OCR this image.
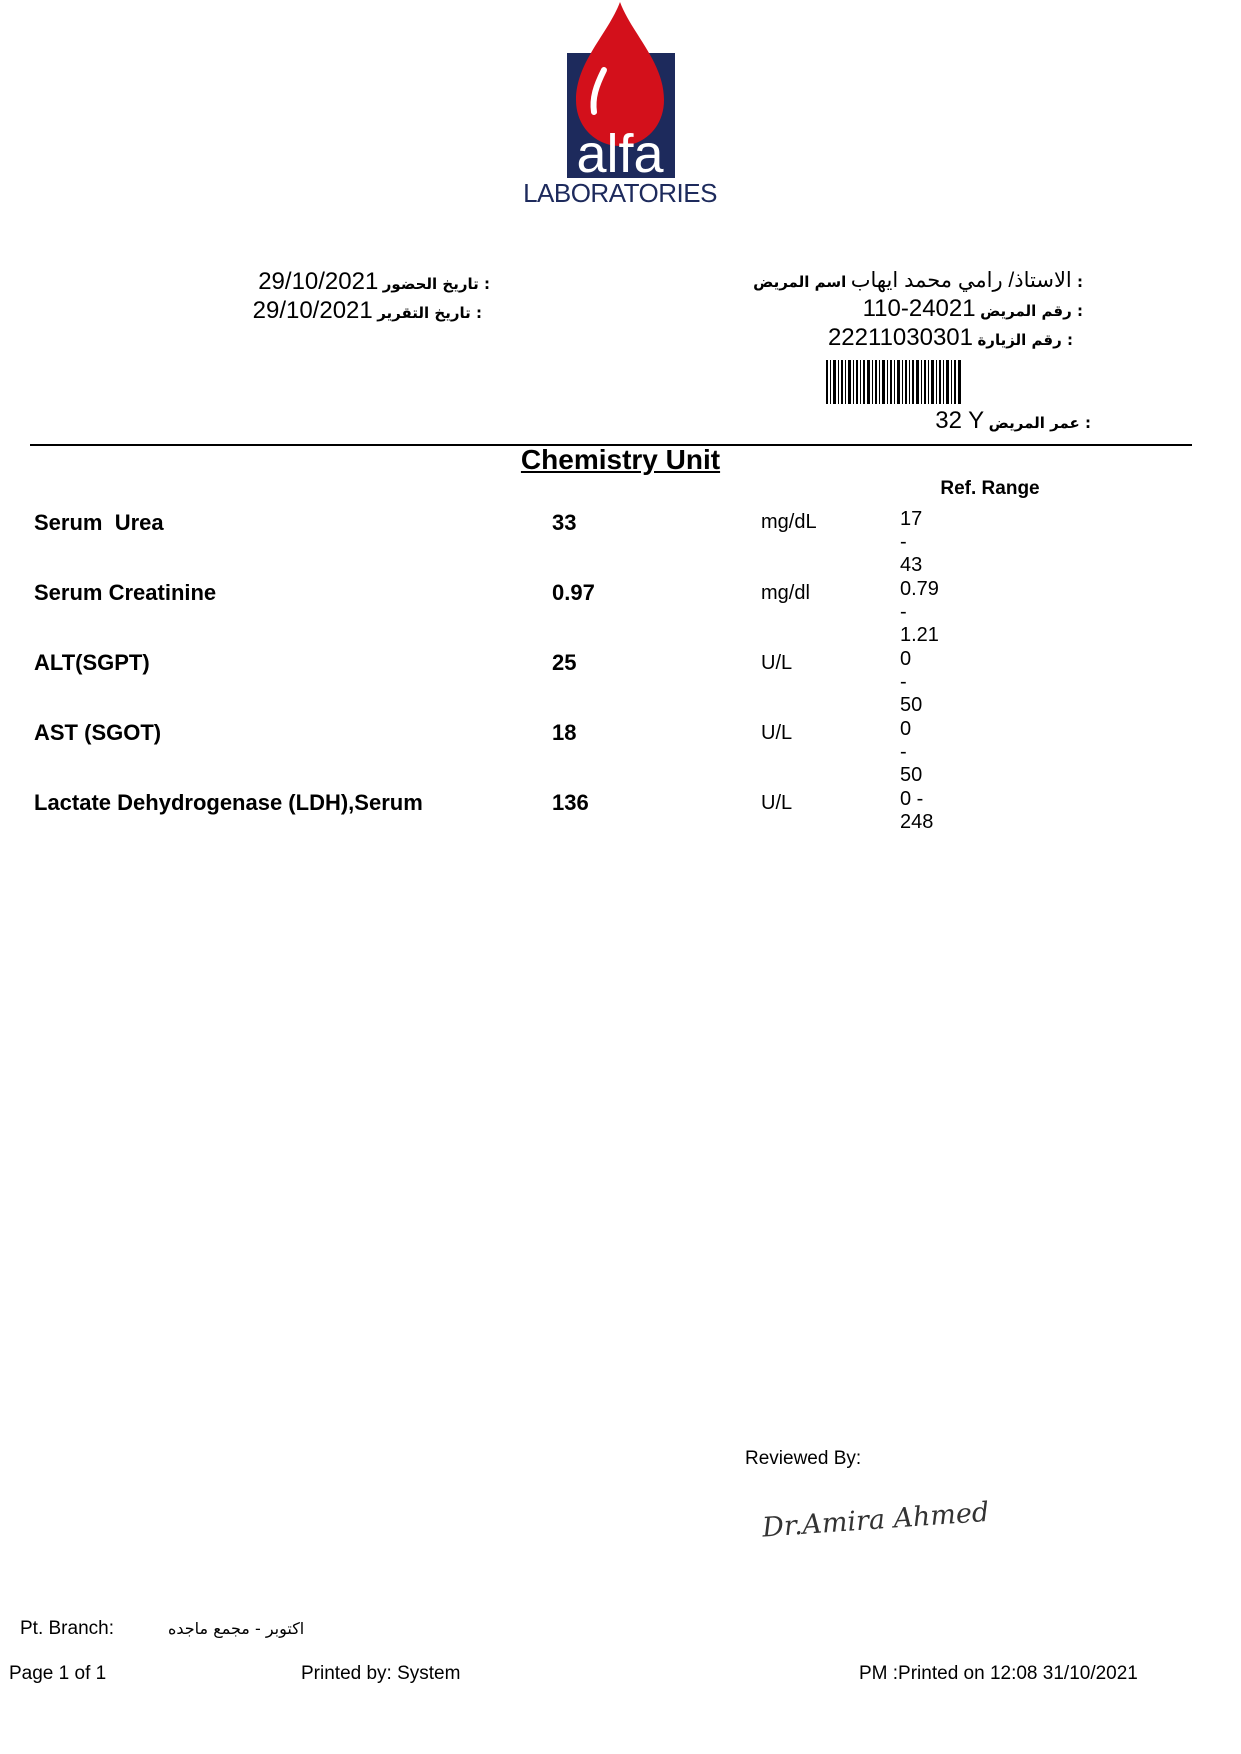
alfa
LABORATORIES
الاستاذ/ رامي محمد ايهاب اسم المريض :
110-24021 رقم المريض :
22211030301 رقم الزيارة :
32 Y عمر المريض :
29/10/2021 تاريخ الحضور :
29/10/2021 تاريخ التقرير :
Chemistry Unit
Ref. Range
Serum  Urea	33	mg/dL	17 - 43
Serum Creatinine	0.97	mg/dl	0.79 - 1.21
ALT(SGPT)	25	U/L	0 - 50
AST (SGOT)	18	U/L	0 - 50
Lactate Dehydrogenase (LDH),Serum	136	U/L	0 - 248
Reviewed By:
Dr.Amira Ahmed
Pt. Branch:	اكتوبر - مجمع ماجده
Page 1 of 1	Printed by: System	PM :Printed on 12:08 31/10/2021
